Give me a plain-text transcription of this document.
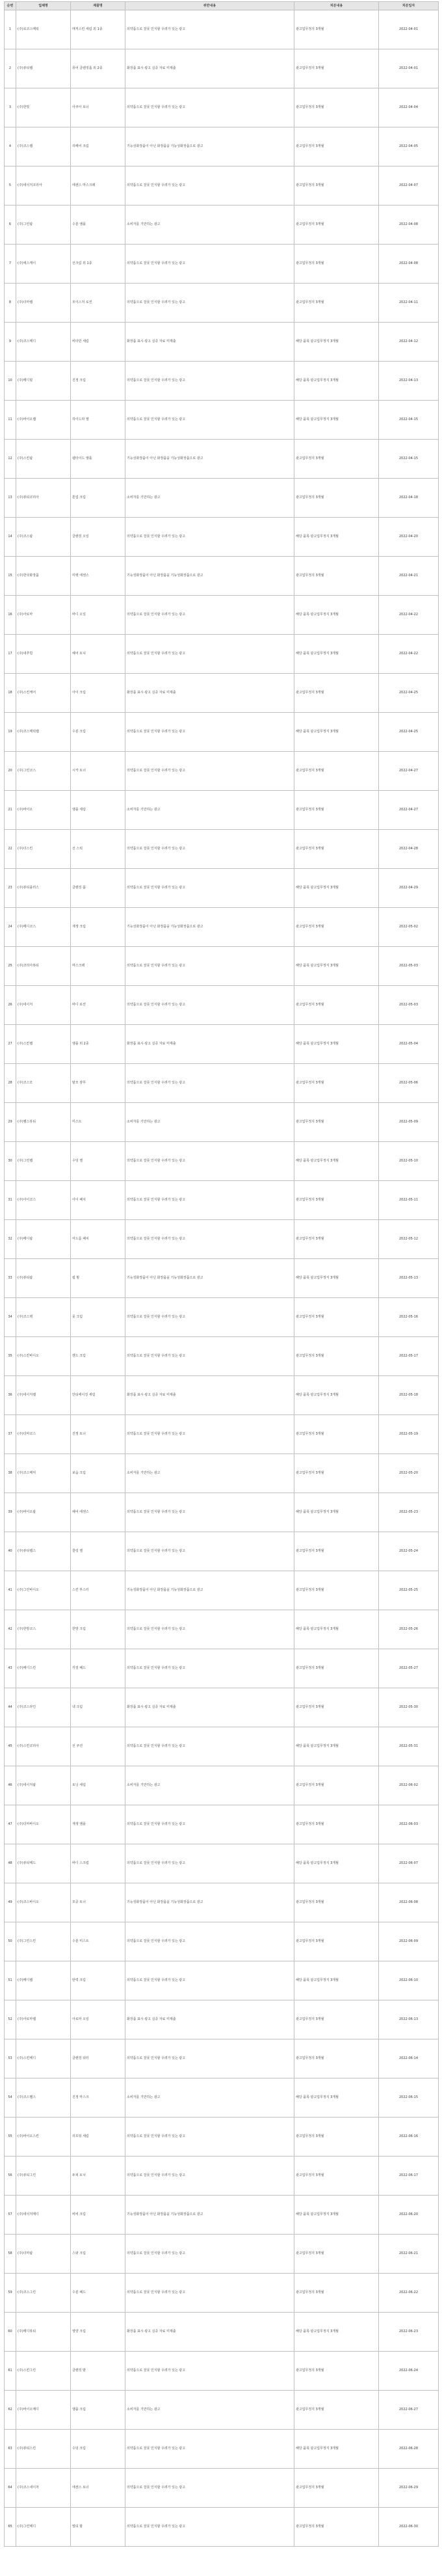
순번	업체명	제품명	위반내용	처분내용	처분일자
1	(주)로코스메틱	매직스킨 세럼 외 1종	의약품으로 잘못 인식할 우려가 있는 광고	광고업무정지 3개월	2022-04-01
2	(주)뷰티랩	퓨어 클렌징폼 외 2종	화장품 표시·광고 실증 자료 미제출	광고업무정지 3개월	2022-04-01
3	(주)한빛	아쿠아 토너	의약품으로 잘못 인식할 우려가 있는 광고	광고업무정지 3개월	2022-04-04
4	(주)코스랩	리페어 크림	기능성화장품이 아닌 화장품을 기능성화장품으로 광고	광고업무정지 3개월	2022-04-05
5	(주)네이처코리아	에센스 마스크팩	의약품으로 잘못 인식할 우려가 있는 광고	광고업무정지 3개월	2022-04-07
6	(주)그린팜	수분 앰플	소비자를 기만하는 광고	광고업무정지 3개월	2022-04-08
7	(주)에스케이	선크림 외 1종	의약품으로 잘못 인식할 우려가 있는 광고	광고업무정지 3개월	2022-04-08
8	(주)더마랩	모이스처 로션	의약품으로 잘못 인식할 우려가 있는 광고	광고업무정지 3개월	2022-04-11
9	(주)코스메디	비타민 세럼	화장품 표시·광고 실증 자료 미제출	해당 품목 광고업무정지 3개월	2022-04-12
10	(주)메디힐	진정 크림	의약품으로 잘못 인식할 우려가 있는 광고	해당 품목 광고업무정지 3개월	2022-04-13
11	(주)바이오랩	하이드라 젤	의약품으로 잘못 인식할 우려가 있는 광고	해당 품목 광고업무정지 3개월	2022-04-15
12	(주)스킨팜	펩타이드 앰플	기능성화장품이 아닌 화장품을 기능성화장품으로 광고	광고업무정지 3개월	2022-04-15
13	(주)뷰티코리아	톤업 크림	소비자를 기만하는 광고	광고업무정지 3개월	2022-04-18
14	(주)코스팜	클렌징 오일	의약품으로 잘못 인식할 우려가 있는 광고	해당 품목 광고업무정지 3개월	2022-04-20
15	(주)한국화장품	미백 에센스	기능성화장품이 아닌 화장품을 기능성화장품으로 광고	광고업무정지 3개월	2022-04-21
16	(주)아로마	바디 오일	의약품으로 잘못 인식할 우려가 있는 광고	해당 품목 광고업무정지 3개월	2022-04-22
17	(주)내추럴	헤어 토닉	의약품으로 잘못 인식할 우려가 있는 광고	해당 품목 광고업무정지 3개월	2022-04-22
18	(주)스킨케어	아이 크림	화장품 표시·광고 실증 자료 미제출	광고업무정지 3개월	2022-04-25
19	(주)코스메틱랩	수분 크림	의약품으로 잘못 인식할 우려가 있는 광고	해당 품목 광고업무정지 3개월	2022-04-25
20	(주)그린코스	시카 토너	의약품으로 잘못 인식할 우려가 있는 광고	광고업무정지 3개월	2022-04-27
21	(주)바이오	앰플 세럼	소비자를 기만하는 광고	광고업무정지 3개월	2022-04-27
22	(주)더스킨	선 스틱	의약품으로 잘못 인식할 우려가 있는 광고	광고업무정지 3개월	2022-04-28
23	(주)뷰티플러스	클렌징 폼	의약품으로 잘못 인식할 우려가 있는 광고	해당 품목 광고업무정지 3개월	2022-04-29
24	(주)메디코스	재생 크림	기능성화장품이 아닌 화장품을 기능성화장품으로 광고	광고업무정지 3개월	2022-05-02
25	(주)코리아뷰티	마스크팩	의약품으로 잘못 인식할 우려가 있는 광고	해당 품목 광고업무정지 3개월	2022-05-03
26	(주)네이처	바디 로션	의약품으로 잘못 인식할 우려가 있는 광고	광고업무정지 3개월	2022-05-03
27	(주)스킨랩	앰플 외 2종	화장품 표시·광고 실증 자료 미제출	해당 품목 광고업무정지 3개월	2022-05-04
28	(주)코스모	탈모 샴푸	의약품으로 잘못 인식할 우려가 있는 광고	광고업무정지 3개월	2022-05-06
29	(주)헬스뷰티	미스트	소비자를 기만하는 광고	광고업무정지 3개월	2022-05-09
30	(주)그린랩	수딩 젤	의약품으로 잘못 인식할 우려가 있는 광고	해당 품목 광고업무정지 3개월	2022-05-10
31	(주)아이코스	아이 패치	의약품으로 잘못 인식할 우려가 있는 광고	광고업무정지 3개월	2022-05-11
32	(주)메디팜	여드름 패치	의약품으로 잘못 인식할 우려가 있는 광고	광고업무정지 3개월	2022-05-12
33	(주)뷰티팜	립 밤	기능성화장품이 아닌 화장품을 기능성화장품으로 광고	해당 품목 광고업무정지 3개월	2022-05-13
34	(주)코스텍	풋 크림	의약품으로 잘못 인식할 우려가 있는 광고	광고업무정지 3개월	2022-05-16
35	(주)스킨바이오	핸드 크림	의약품으로 잘못 인식할 우려가 있는 광고	광고업무정지 3개월	2022-05-17
36	(주)네이처랩	안티에이징 세럼	화장품 표시·광고 실증 자료 미제출	해당 품목 광고업무정지 3개월	2022-05-18
37	(주)더마코스	진정 토너	의약품으로 잘못 인식할 우려가 있는 광고	광고업무정지 3개월	2022-05-19
38	(주)코스메딕	보습 크림	소비자를 기만하는 광고	광고업무정지 3개월	2022-05-20
39	(주)바이오팜	헤어 에센스	의약품으로 잘못 인식할 우려가 있는 광고	해당 품목 광고업무정지 3개월	2022-05-23
40	(주)뷰티랩스	쿨링 젤	의약품으로 잘못 인식할 우려가 있는 광고	광고업무정지 3개월	2022-05-24
41	(주)그린바이오	스킨 부스터	기능성화장품이 아닌 화장품을 기능성화장품으로 광고	광고업무정지 3개월	2022-05-25
42	(주)한방코스	한방 크림	의약품으로 잘못 인식할 우려가 있는 광고	해당 품목 광고업무정지 3개월	2022-05-26
43	(주)메디스킨	각질 패드	의약품으로 잘못 인식할 우려가 있는 광고	광고업무정지 3개월	2022-05-27
44	(주)코스라인	넥 크림	화장품 표시·광고 실증 자료 미제출	광고업무정지 3개월	2022-05-30
45	(주)스킨코리아	선 쿠션	의약품으로 잘못 인식할 우려가 있는 광고	해당 품목 광고업무정지 3개월	2022-05-31
46	(주)네이처팜	토닝 세럼	소비자를 기만하는 광고	광고업무정지 3개월	2022-06-02
47	(주)더마바이오	재생 앰플	의약품으로 잘못 인식할 우려가 있는 광고	광고업무정지 3개월	2022-06-03
48	(주)뷰티메드	바디 스크럽	의약품으로 잘못 인식할 우려가 있는 광고	해당 품목 광고업무정지 3개월	2022-06-07
49	(주)코스바이오	모공 토너	기능성화장품이 아닌 화장품을 기능성화장품으로 광고	광고업무정지 3개월	2022-06-08
50	(주)그린스킨	수분 미스트	의약품으로 잘못 인식할 우려가 있는 광고	광고업무정지 3개월	2022-06-09
51	(주)메디랩	탄력 크림	의약품으로 잘못 인식할 우려가 있는 광고	해당 품목 광고업무정지 3개월	2022-06-10
52	(주)아로마랩	아로마 오일	화장품 표시·광고 실증 자료 미제출	광고업무정지 3개월	2022-06-13
53	(주)스킨메디	클렌징 워터	의약품으로 잘못 인식할 우려가 있는 광고	광고업무정지 3개월	2022-06-14
54	(주)코스헬스	진정 마스크	소비자를 기만하는 광고	해당 품목 광고업무정지 3개월	2022-06-15
55	(주)바이오스킨	리프팅 세럼	의약품으로 잘못 인식할 우려가 있는 광고	광고업무정지 3개월	2022-06-16
56	(주)뷰티그린	두피 토닉	의약품으로 잘못 인식할 우려가 있는 광고	광고업무정지 3개월	2022-06-17
57	(주)네이처메디	비비 크림	기능성화장품이 아닌 화장품을 기능성화장품으로 광고	해당 품목 광고업무정지 3개월	2022-06-20
58	(주)더마팜	스팟 크림	의약품으로 잘못 인식할 우려가 있는 광고	광고업무정지 3개월	2022-06-21
59	(주)코스그린	수분 패드	의약품으로 잘못 인식할 우려가 있는 광고	광고업무정지 3개월	2022-06-22
60	(주)메디뷰티	영양 크림	화장품 표시·광고 실증 자료 미제출	해당 품목 광고업무정지 3개월	2022-06-23
61	(주)스킨그린	클렌징 밤	의약품으로 잘못 인식할 우려가 있는 광고	광고업무정지 3개월	2022-06-24
62	(주)바이오메디	앰플 크림	소비자를 기만하는 광고	광고업무정지 3개월	2022-06-27
63	(주)뷰티스킨	수딩 크림	의약품으로 잘못 인식할 우려가 있는 광고	해당 품목 광고업무정지 3개월	2022-06-28
64	(주)코스네이처	에센스 토너	의약품으로 잘못 인식할 우려가 있는 광고	광고업무정지 3개월	2022-06-29
65	(주)그린메디	멀티 밤	의약품으로 잘못 인식할 우려가 있는 광고	광고업무정지 3개월	2022-06-30
